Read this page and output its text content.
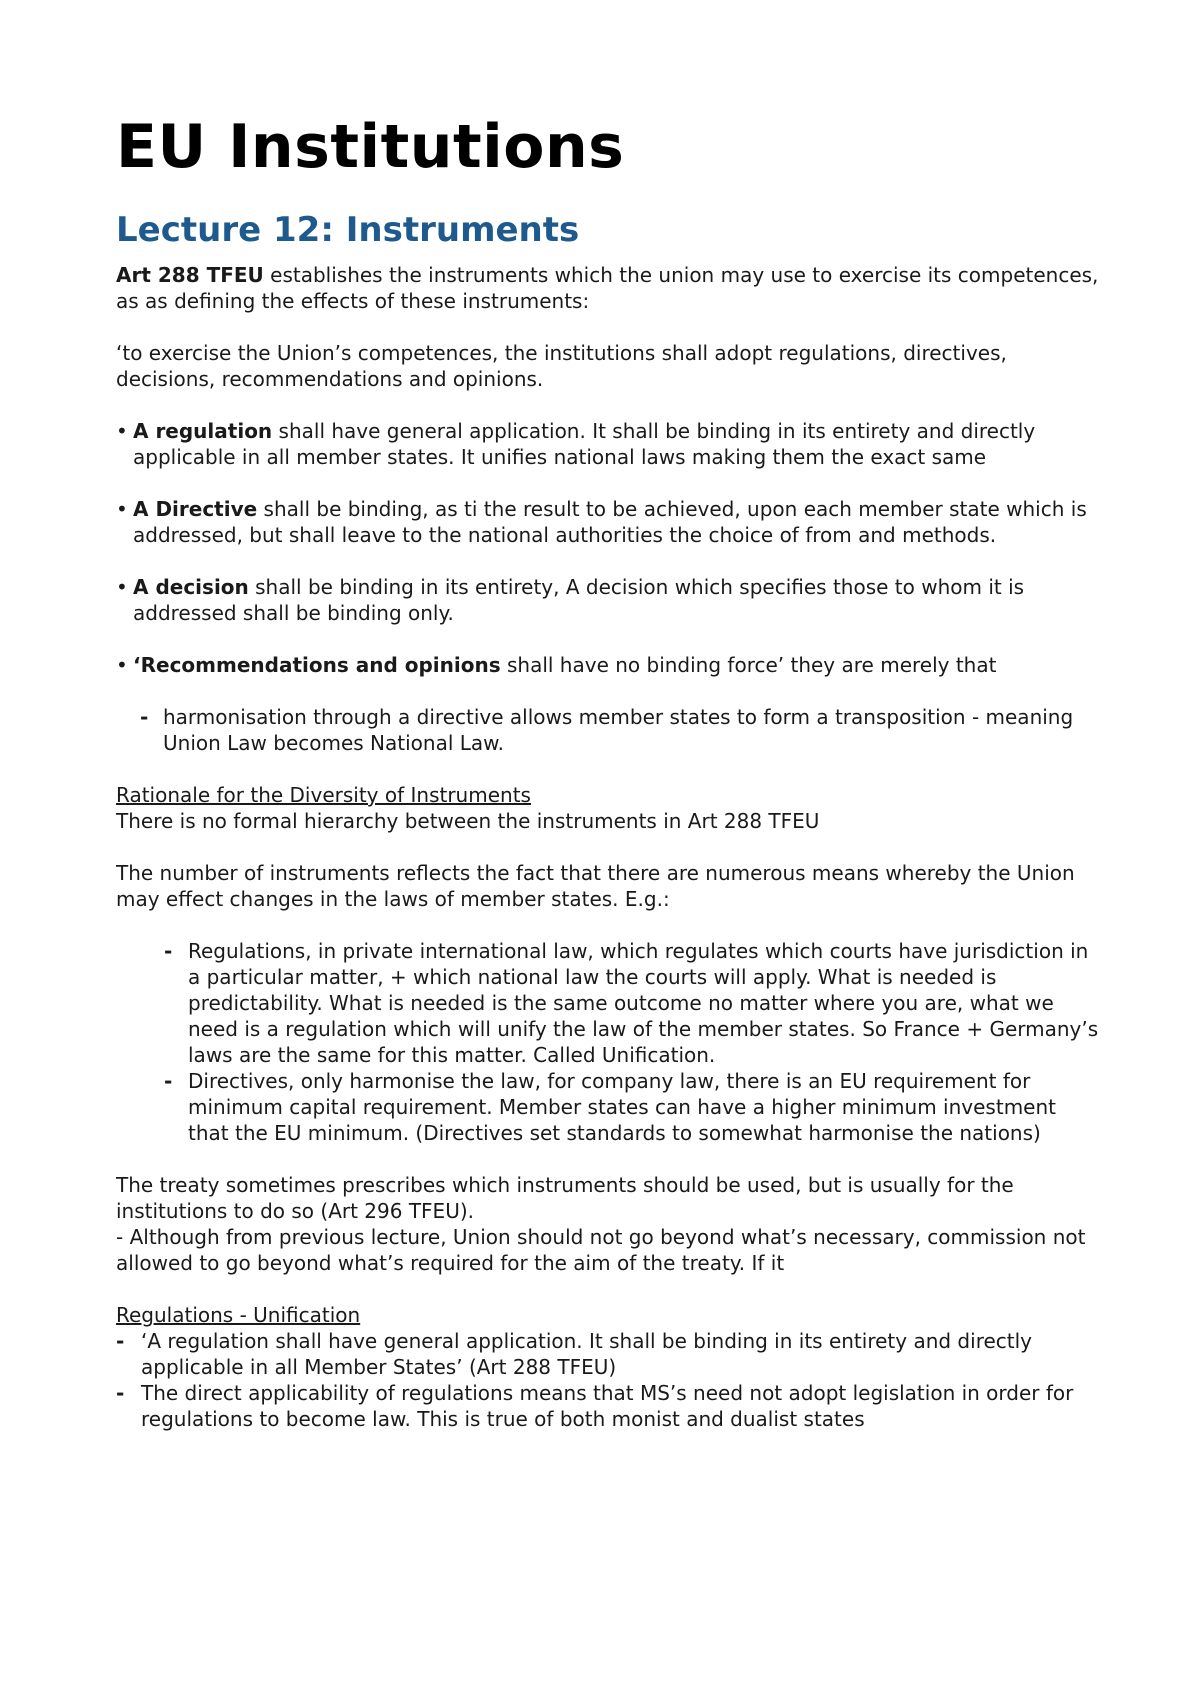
EU Institutions
Lecture 12: Instruments

Art 288 TFEU establishes the instruments which the union may use to exercise its competences, as as defining the effects of these instruments:

‘to exercise the Union’s competences, the institutions shall adopt regulations, directives, decisions, recommendations and opinions.

• A regulation shall have general application. It shall be binding in its entirety and directly applicable in all member states. It unifies national laws making them the exact same

• A Directive shall be binding, as ti the result to be achieved, upon each member state which is addressed, but shall leave to the national authorities the choice of from and methods.

• A decision shall be binding in its entirety, A decision which specifies those to whom it is addressed shall be binding only.

• ‘Recommendations and opinions shall have no binding force’ they are merely that

- harmonisation through a directive allows member states to form a transposition - meaning Union Law becomes National Law.

Rationale for the Diversity of Instruments

There is no formal hierarchy between the instruments in Art 288 TFEU

The number of instruments reflects the fact that there are numerous means whereby the Union may effect changes in the laws of member states. E.g.:

- Regulations, in private international law, which regulates which courts have jurisdiction in a particular matter, + which national law the courts will apply. What is needed is predictability. What is needed is the same outcome no matter where you are, what we need is a regulation which will unify the law of the member states. So France + Germany’s laws are the same for this matter. Called Unification.

- Directives, only harmonise the law, for company law, there is an EU requirement for minimum capital requirement. Member states can have a higher minimum investment that the EU minimum. (Directives set standards to somewhat harmonise the nations)

The treaty sometimes prescribes which instruments should be used, but is usually for the institutions to do so (Art 296 TFEU).

- Although from previous lecture, Union should not go beyond what’s necessary, commission not allowed to go beyond what’s required for the aim of the treaty. If it

Regulations - Unification

- ‘A regulation shall have general application. It shall be binding in its entirety and directly applicable in all Member States’ (Art 288 TFEU)

- The direct applicability of regulations means that MS’s need not adopt legislation in order for regulations to become law. This is true of both monist and dualist states
